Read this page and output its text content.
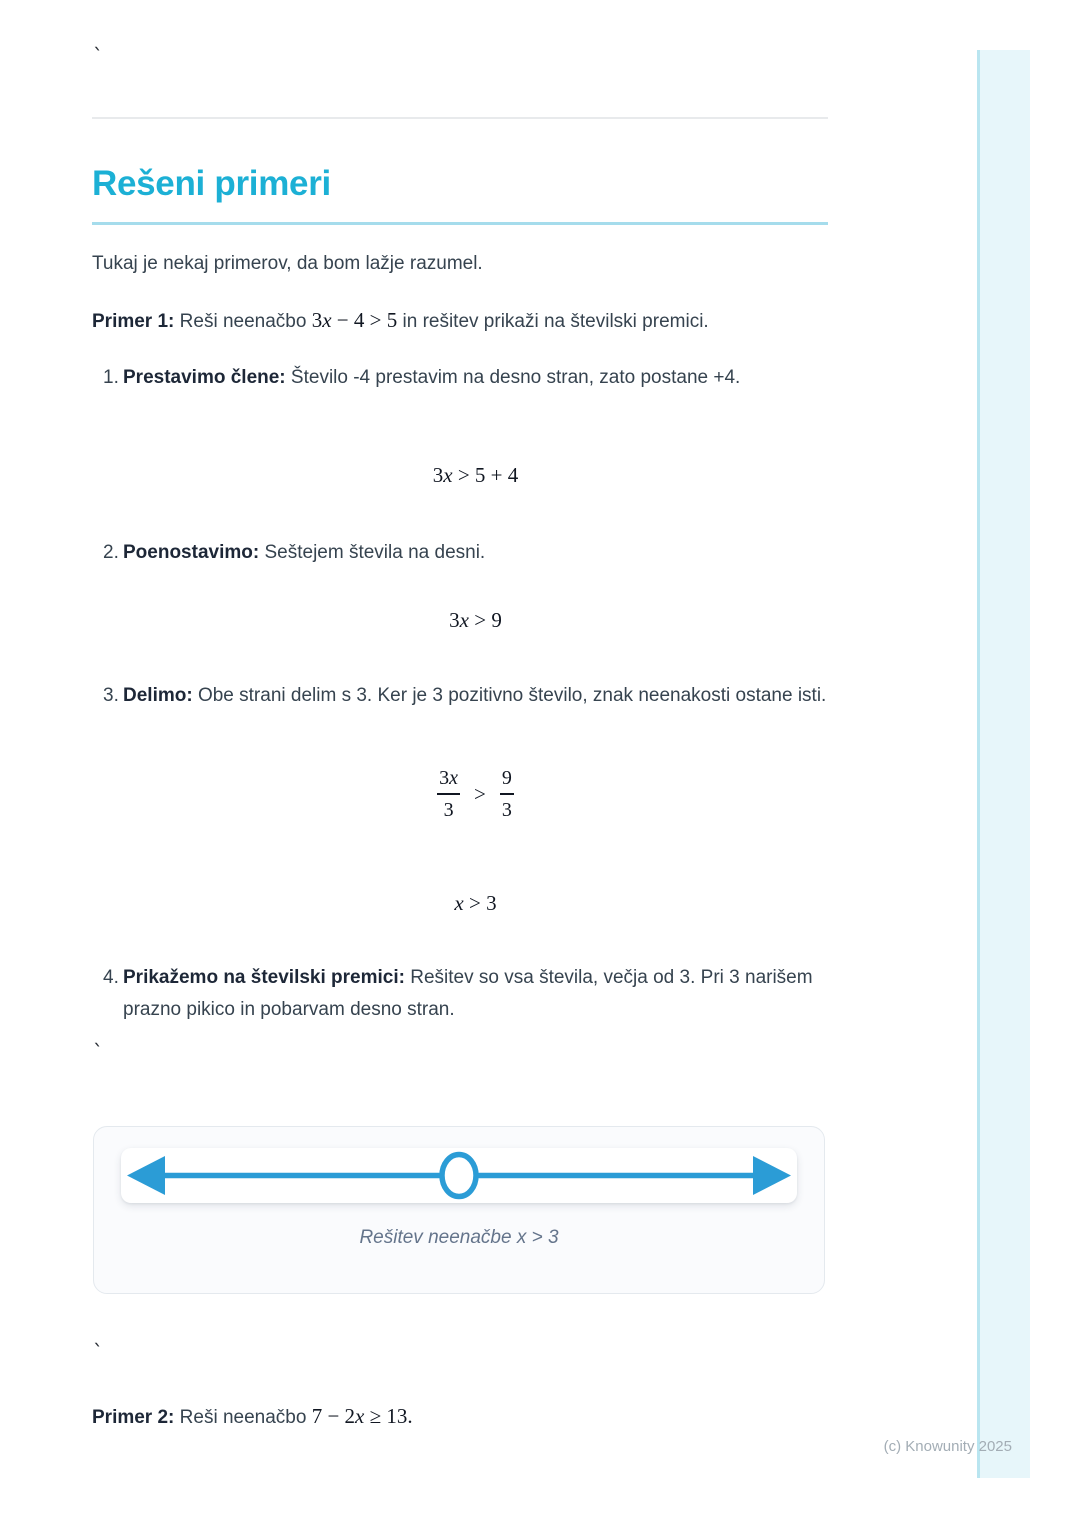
`
Rešeni primeri

Tukaj je nekaj primerov, da bom lažje razumel.

Primer 1: Reši neenačbo 3x − 4 > 5 in rešitev prikaži na številski premici.

1. Prestavimo člene: Število -4 prestavim na desno stran, zato postane +4.
3x > 5 + 4
2. Poenostavimo: Seštejem števila na desni.
3x > 9
3. Delimo: Obe strani delim s 3. Ker je 3 pozitivno število, znak neenakosti ostane isti.
$\frac{3x}{3} > \frac{9}{3}$
x > 3
4. Prikažemo na številski premici: Rešitev so vsa števila, večja od 3. Pri 3 narišem prazno pikico in pobarvam desno stran.
`
Rešitev neenačbe x > 3
`

Primer 2: Reši neenačbo 7 − 2x ≥ 13.

(c) Knowunity 2025
